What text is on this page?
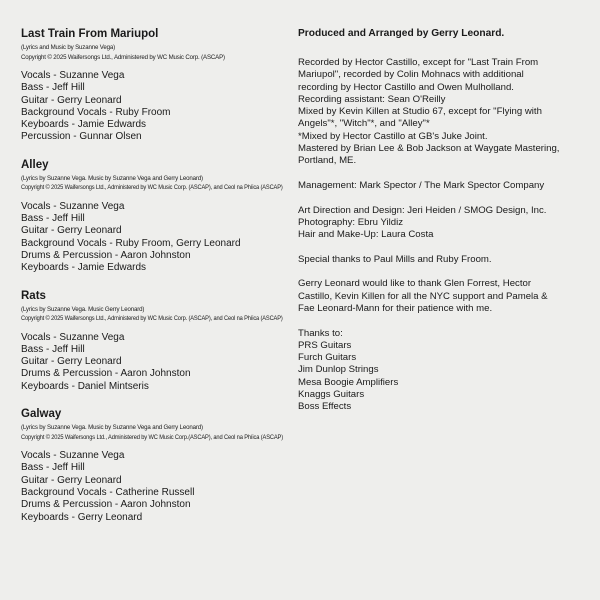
Last Train From Mariupol
(Lyrics and Music by Suzanne Vega)
Copyright © 2025 Waifersongs Ltd., Administered by WC Music Corp. (ASCAP)
Vocals - Suzanne Vega
Bass - Jeff Hill
Guitar - Gerry Leonard
Background Vocals - Ruby Froom
Keyboards - Jamie Edwards
Percussion - Gunnar Olsen
Alley
(Lyrics by Suzanne Vega. Music by Suzanne Vega and Gerry Leonard)
Copyright © 2025 Waifersongs Ltd., Administered by WC Music Corp. (ASCAP), and Ceol na Phíica (ASCAP)
Vocals - Suzanne Vega
Bass - Jeff Hill
Guitar - Gerry Leonard
Background Vocals - Ruby Froom, Gerry Leonard
Drums & Percussion - Aaron Johnston
Keyboards - Jamie Edwards
Rats
(Lyrics by Suzanne Vega. Music Gerry Leonard)
Copyright © 2025 Waifersongs Ltd., Administered by WC Music Corp. (ASCAP), and Ceol na Phíica (ASCAP)
Vocals - Suzanne Vega
Bass - Jeff Hill
Guitar - Gerry Leonard
Drums & Percussion - Aaron Johnston
Keyboards - Daniel Mintseris
Galway
(Lyrics by Suzanne Vega. Music by Suzanne Vega and Gerry Leonard)
Copyright © 2025 Waifersongs Ltd., Administered by WC Music Corp.(ASCAP), and Ceol na Phíica (ASCAP)
Vocals - Suzanne Vega
Bass - Jeff Hill
Guitar - Gerry Leonard
Background Vocals - Catherine Russell
Drums & Percussion - Aaron Johnston
Keyboards - Gerry Leonard
Produced and Arranged by Gerry Leonard.
Recorded by Hector Castillo, except for "Last Train From
Mariupol", recorded by Colin Mohnacs with additional
recording by Hector Castillo and Owen Mulholland.
Recording assistant: Sean O'Reilly
Mixed by Kevin Killen at Studio 67, except for "Flying with
Angels"*, "Witch"*, and "Alley"*
*Mixed by Hector Castillo at GB's Juke Joint.
Mastered by Brian Lee & Bob Jackson at Waygate Mastering,
Portland, ME.
Management: Mark Spector / The Mark Spector Company
Art Direction and Design: Jeri Heiden / SMOG Design, Inc.
Photography: Ebru Yildiz
Hair and Make-Up: Laura Costa
Special thanks to Paul Mills and Ruby Froom.
Gerry Leonard would like to thank Glen Forrest, Hector
Castillo, Kevin Killen for all the NYC support and Pamela &
Fae Leonard-Mann for their patience with me.
Thanks to:
PRS Guitars
Furch Guitars
Jim Dunlop Strings
Mesa Boogie Amplifiers
Knaggs Guitars
Boss Effects
